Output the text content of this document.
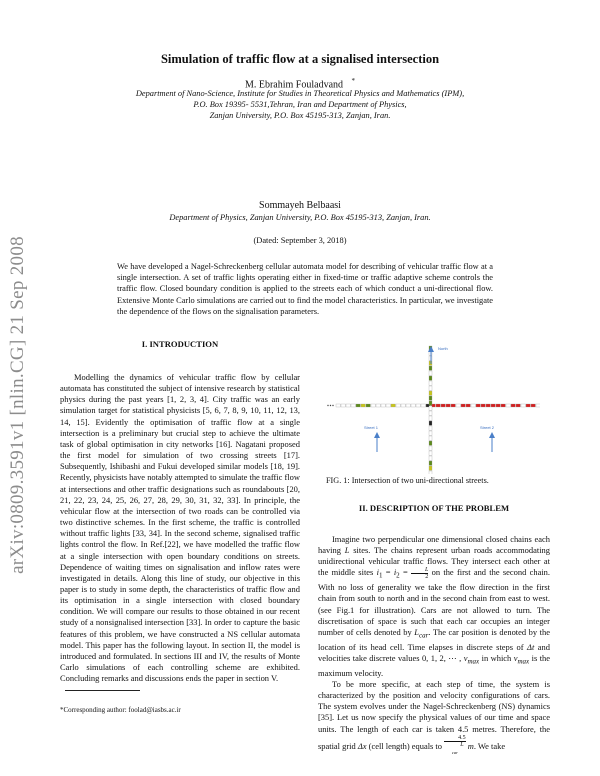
arXiv:0809.3591v1 [nlin.CG] 21 Sep 2008
Simulation of traffic flow at a signalised intersection
M. Ebrahim Fouladvand *
Department of Nano-Science, Institute for Studies in Theoretical Physics and Mathematics (IPM),
P.O. Box 19395- 5531,Tehran, Iran and Department of Physics,
Zanjan University, P.O. Box 45195-313, Zanjan, Iran.
Sommayeh Belbaasi
Department of Physics, Zanjan University, P.O. Box 45195-313, Zanjan, Iran.
(Dated: September 3, 2018)
We have developed a Nagel-Schreckenberg cellular automata model for describing of vehicular traffic flow at a single intersection. A set of traffic lights operating either in fixed-time or traffic adaptive scheme controls the traffic flow. Closed boundary condition is applied to the streets each of which conduct a uni-directional flow. Extensive Monte Carlo simulations are carried out to find the model characteristics. In particular, we investigate the dependence of the flows on the signalisation parameters.
I. INTRODUCTION

Modelling the dynamics of vehicular traffic flow by cellular automata has constituted the subject of intensive research by statistical physics during the past years [1, 2, 3, 4]. City traffic was an early simulation target for statistical physicists [5, 6, 7, 8, 9, 10, 11, 12, 13, 14, 15]. Evidently the optimisation of traffic flow at a single intersection is a preliminary but crucial step to achieve the ultimate task of global optimisation in city networks [16]. Nagatani proposed the first model for simulation of two crossing streets [17]. Subsequently, Ishibashi and Fukui developed similar models [18, 19]. Recently, physicists have notably attempted to simulate the traffic flow at intersections and other traffic designations such as roundabouts [20, 21, 22, 23, 24, 25, 26, 27, 28, 29, 30, 31, 32, 33]. In principle, the vehicular flow at the intersection of two roads can be controlled via two distinctive schemes. In the first scheme, the traffic is controlled without traffic lights [33, 34]. In the second scheme, signalised traffic lights control the flow. In Ref.[22], we have modelled the traffic flow at a single intersection with open boundary conditions on streets. Dependence of waiting times on signalisation and inflow rates were investigated in details. Along this line of study, our objective in this paper is to study in some depth, the characteristics of traffic flow and its optimisation in a single intersection with closed boundary condition. We will compare our results to those obtained in our recent study of a nonsignalised intersection [33]. In order to capture the basic features of this problem, we have constructed a NS cellular automata model. This paper has the following layout. In section II, the model is introduced and formulated. In sections III and IV, the results of Monte Carlo simulations of each controlling scheme are exhibited. Concluding remarks and discussions ends the paper in section V.

*Corresponding author: foolad@iasbs.ac.ir
North
Street 1	Street 2
FIG. 1: Intersection of two uni-directional streets.
II. DESCRIPTION OF THE PROBLEM

Imagine two perpendicular one dimensional closed chains each having L sites. The chains represent urban roads accommodating unidirectional vehicular traffic flows. They intersect each other at the middle sites $i_1 = i_2 = \frac{L}{2}$ on the first and the second chain. With no loss of generality we take the flow direction in the first chain from south to north and in the second chain from east to west. (see Fig.1 for illustration). Cars are not allowed to turn. The discretisation of space is such that each car occupies an integer number of cells denoted by $L_{car}$. The car position is denoted by the location of its head cell. Time elapses in discrete steps of Δt and velocities take discrete values 0, 1, 2, ⋯ , $v_{max}$ in which $v_{max}$ is the maximum velocity.

To be more specific, at each step of time, the system is characterized by the position and velocity configurations of cars. The system evolves under the Nagel-Schreckenberg (NS) dynamics [35]. Let us now specify the physical values of our time and space units. The length of each car is taken 4.5 metres. Therefore, the spatial grid Δx (cell length) equals to 4.5
L
$_{car}$ m. We take
